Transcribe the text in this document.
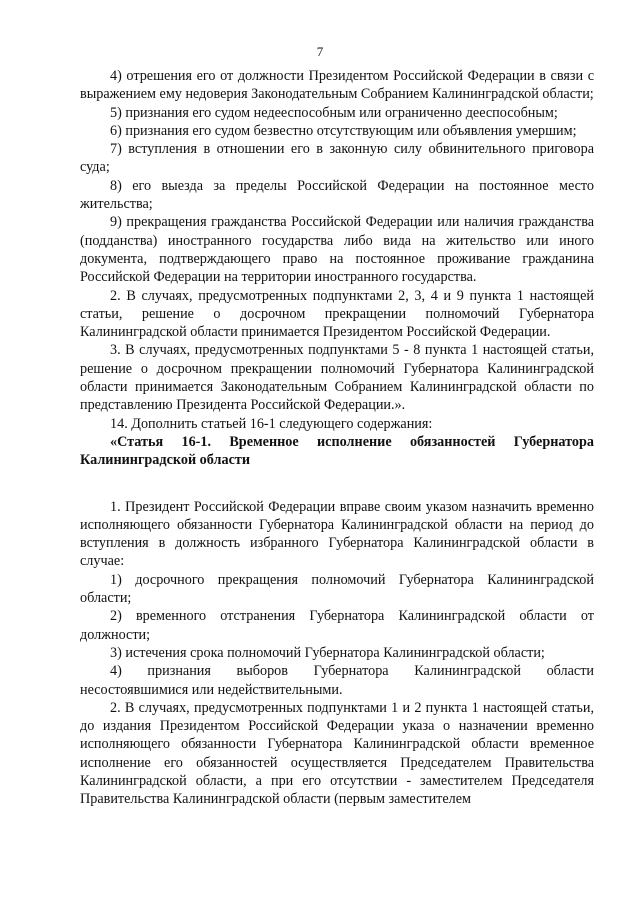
7

4) отрешения его от должности Президентом Российской Федерации в связи с выражением ему недоверия Законодательным Собранием Калининградской области;

5) признания его судом недееспособным или ограниченно дееспособным;

6) признания его судом безвестно отсутствующим или объявления умершим;

7) вступления в отношении его в законную силу обвинительного приговора суда;

8) его выезда за пределы Российской Федерации на постоянное место жительства;

9) прекращения гражданства Российской Федерации или наличия гражданства (подданства) иностранного государства либо вида на жительство или иного документа, подтверждающего право на постоянное проживание гражданина Российской Федерации на территории иностранного государства.

2. В случаях, предусмотренных подпунктами 2, 3, 4 и 9 пункта 1 настоящей статьи, решение о досрочном прекращении полномочий Губернатора Калининградской области принимается Президентом Российской Федерации.

3. В случаях, предусмотренных подпунктами 5 - 8 пункта 1 настоящей статьи, решение о досрочном прекращении полномочий Губернатора Калининградской области принимается Законодательным Собранием Калининградской области по представлению Президента Российской Федерации.».

14. Дополнить статьей 16-1 следующего содержания:

«Статья 16-1. Временное исполнение обязанностей Губернатора Калининградской области

1. Президент Российской Федерации вправе своим указом назначить временно исполняющего обязанности Губернатора Калининградской области на период до вступления в должность избранного Губернатора Калининградской области в случае:

1) досрочного прекращения полномочий Губернатора Калининградской области;

2) временного отстранения Губернатора Калининградской области от должности;

3) истечения срока полномочий Губернатора Калининградской области;

4) признания выборов Губернатора Калининградской области несостоявшимися или недействительными.

2. В случаях, предусмотренных подпунктами 1 и 2 пункта 1 настоящей статьи, до издания Президентом Российской Федерации указа о назначении временно исполняющего обязанности Губернатора Калининградской области временное исполнение его обязанностей осуществляется Председателем Правительства Калининградской области, а при его отсутствии - заместителем Председателя Правительства Калининградской области (первым заместителем
